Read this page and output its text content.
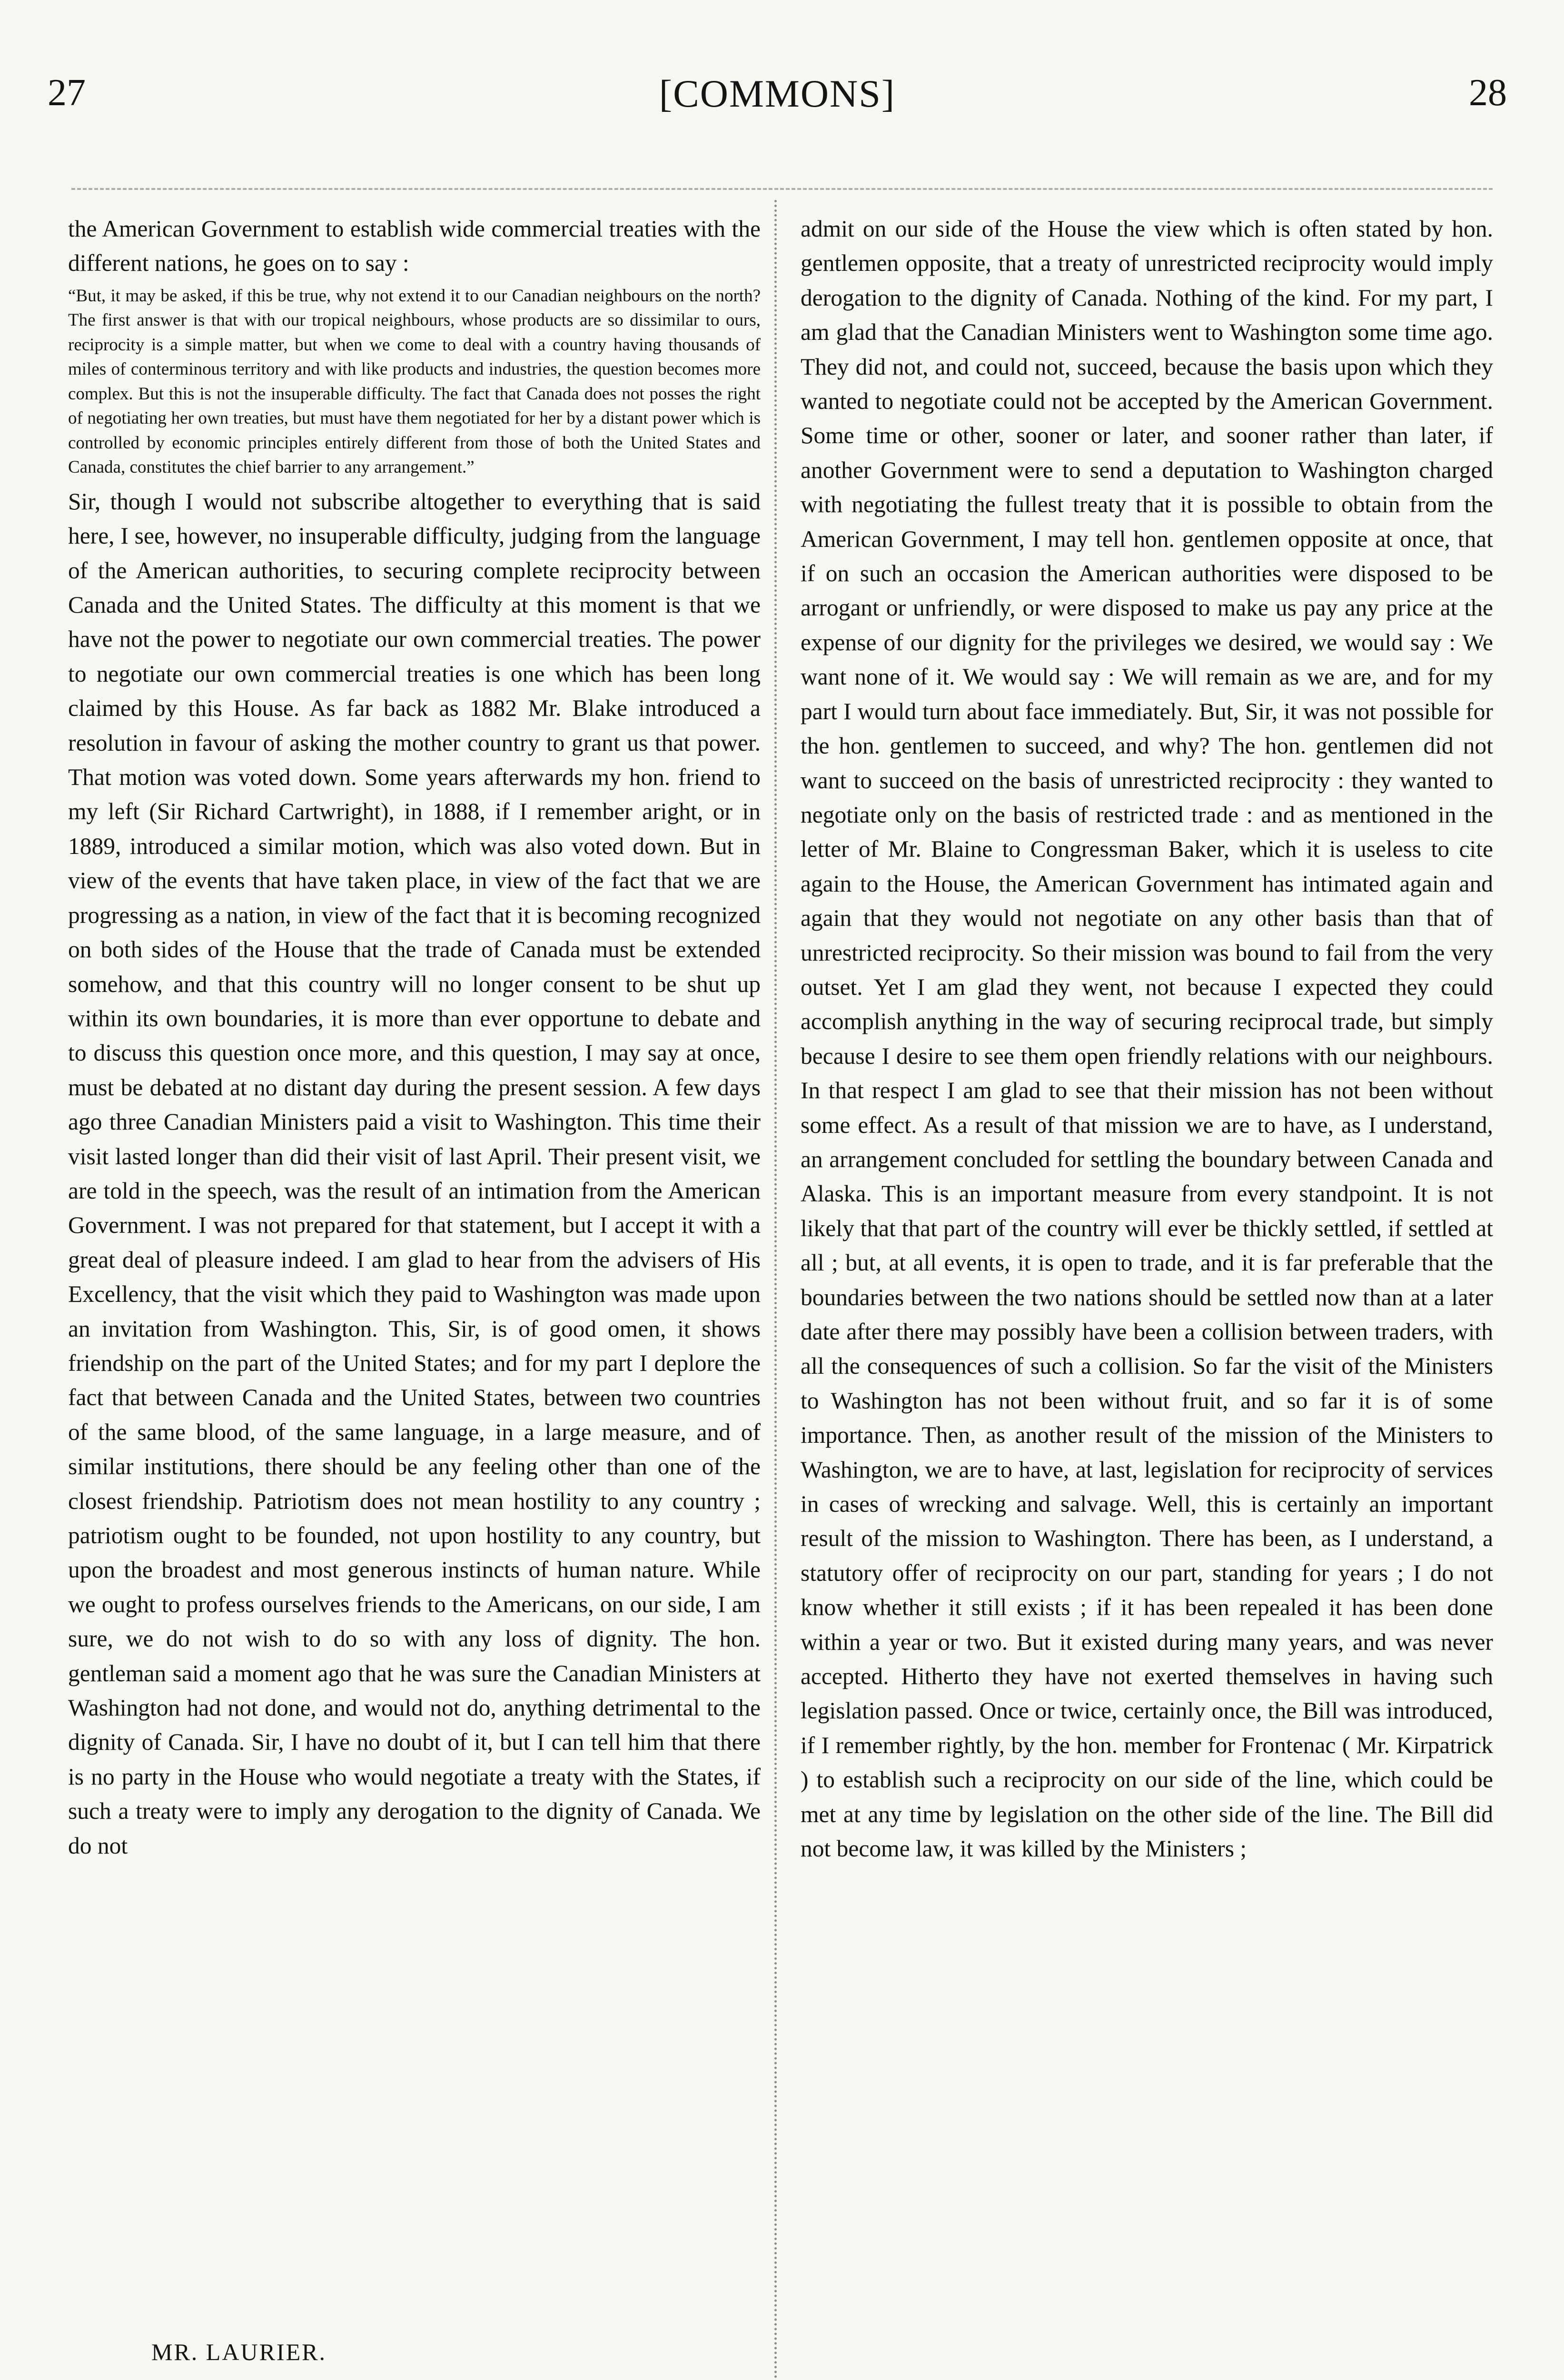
27	[COMMONS]	28

the American Government to establish wide commercial treaties with the different nations, he goes on to say :

“But, it may be asked, if this be true, why not extend it to our Canadian neighbours on the north? The first answer is that with our tropical neighbours, whose products are so dissimilar to ours, reciprocity is a simple matter, but when we come to deal with a country having thousands of miles of conterminous territory and with like products and industries, the question becomes more complex. But this is not the insuperable difficulty. The fact that Canada does not posses the right of negotiating her own treaties, but must have them negotiated for her by a distant power which is controlled by economic principles entirely different from those of both the United States and Canada, constitutes the chief barrier to any arrangement.”

Sir, though I would not subscribe altogether to everything that is said here, I see, however, no insuperable difficulty, judging from the language of the American authorities, to securing complete reciprocity between Canada and the United States. The difficulty at this moment is that we have not the power to negotiate our own commercial treaties. The power to negotiate our own commercial treaties is one which has been long claimed by this House. As far back as 1882 Mr. Blake introduced a resolution in favour of asking the mother country to grant us that power. That motion was voted down. Some years afterwards my hon. friend to my left (Sir Richard Cartwright), in 1888, if I remember aright, or in 1889, introduced a similar motion, which was also voted down. But in view of the events that have taken place, in view of the fact that we are progressing as a nation, in view of the fact that it is becoming recognized on both sides of the House that the trade of Canada must be extended somehow, and that this country will no longer consent to be shut up within its own boundaries, it is more than ever opportune to debate and to discuss this question once more, and this question, I may say at once, must be debated at no distant day during the present session. A few days ago three Canadian Ministers paid a visit to Washington. This time their visit lasted longer than did their visit of last April. Their present visit, we are told in the speech, was the result of an intimation from the American Government. I was not prepared for that statement, but I accept it with a great deal of pleasure indeed. I am glad to hear from the advisers of His Excellency, that the visit which they paid to Washington was made upon an invitation from Washington. This, Sir, is of good omen, it shows friendship on the part of the United States; and for my part I deplore the fact that between Canada and the United States, between two countries of the same blood, of the same language, in a large measure, and of similar institutions, there should be any feeling other than one of the closest friendship. Patriotism does not mean hostility to any country ; patriotism ought to be founded, not upon hostility to any country, but upon the broadest and most generous instincts of human nature. While we ought to profess ourselves friends to the Americans, on our side, I am sure, we do not wish to do so with any loss of dignity. The hon. gentleman said a moment ago that he was sure the Canadian Ministers at Washington had not done, and would not do, anything detrimental to the dignity of Canada. Sir, I have no doubt of it, but I can tell him that there is no party in the House who would negotiate a treaty with the States, if such a treaty were to imply any derogation to the dignity of Canada. We do not

admit on our side of the House the view which is often stated by hon. gentlemen opposite, that a treaty of unrestricted reciprocity would imply derogation to the dignity of Canada. Nothing of the kind. For my part, I am glad that the Canadian Ministers went to Washington some time ago. They did not, and could not, succeed, because the basis upon which they wanted to negotiate could not be accepted by the American Government. Some time or other, sooner or later, and sooner rather than later, if another Government were to send a deputation to Washington charged with negotiating the fullest treaty that it is possible to obtain from the American Government, I may tell hon. gentlemen opposite at once, that if on such an occasion the American authorities were disposed to be arrogant or unfriendly, or were disposed to make us pay any price at the expense of our dignity for the privileges we desired, we would say : We want none of it. We would say : We will remain as we are, and for my part I would turn about face immediately. But, Sir, it was not possible for the hon. gentlemen to succeed, and why? The hon. gentlemen did not want to succeed on the basis of unrestricted reciprocity : they wanted to negotiate only on the basis of restricted trade : and as mentioned in the letter of Mr. Blaine to Congressman Baker, which it is useless to cite again to the House, the American Government has intimated again and again that they would not negotiate on any other basis than that of unrestricted reciprocity. So their mission was bound to fail from the very outset. Yet I am glad they went, not because I expected they could accomplish anything in the way of securing reciprocal trade, but simply because I desire to see them open friendly relations with our neighbours. In that respect I am glad to see that their mission has not been without some effect. As a result of that mission we are to have, as I understand, an arrangement concluded for settling the boundary between Canada and Alaska. This is an important measure from every standpoint. It is not likely that that part of the country will ever be thickly settled, if settled at all ; but, at all events, it is open to trade, and it is far preferable that the boundaries between the two nations should be settled now than at a later date after there may possibly have been a collision between traders, with all the consequences of such a collision. So far the visit of the Ministers to Washington has not been without fruit, and so far it is of some importance. Then, as another result of the mission of the Ministers to Washington, we are to have, at last, legislation for reciprocity of services in cases of wrecking and salvage. Well, this is certainly an important result of the mission to Washington. There has been, as I understand, a statutory offer of reciprocity on our part, standing for years ; I do not know whether it still exists ; if it has been repealed it has been done within a year or two. But it existed during many years, and was never accepted. Hitherto they have not exerted themselves in having such legislation passed. Once or twice, certainly once, the Bill was introduced, if I remember rightly, by the hon. member for Frontenac ( Mr. Kirpatrick ) to establish such a reciprocity on our side of the line, which could be met at any time by legislation on the other side of the line. The Bill did not become law, it was killed by the Ministers ;

MR. LAURIER.
